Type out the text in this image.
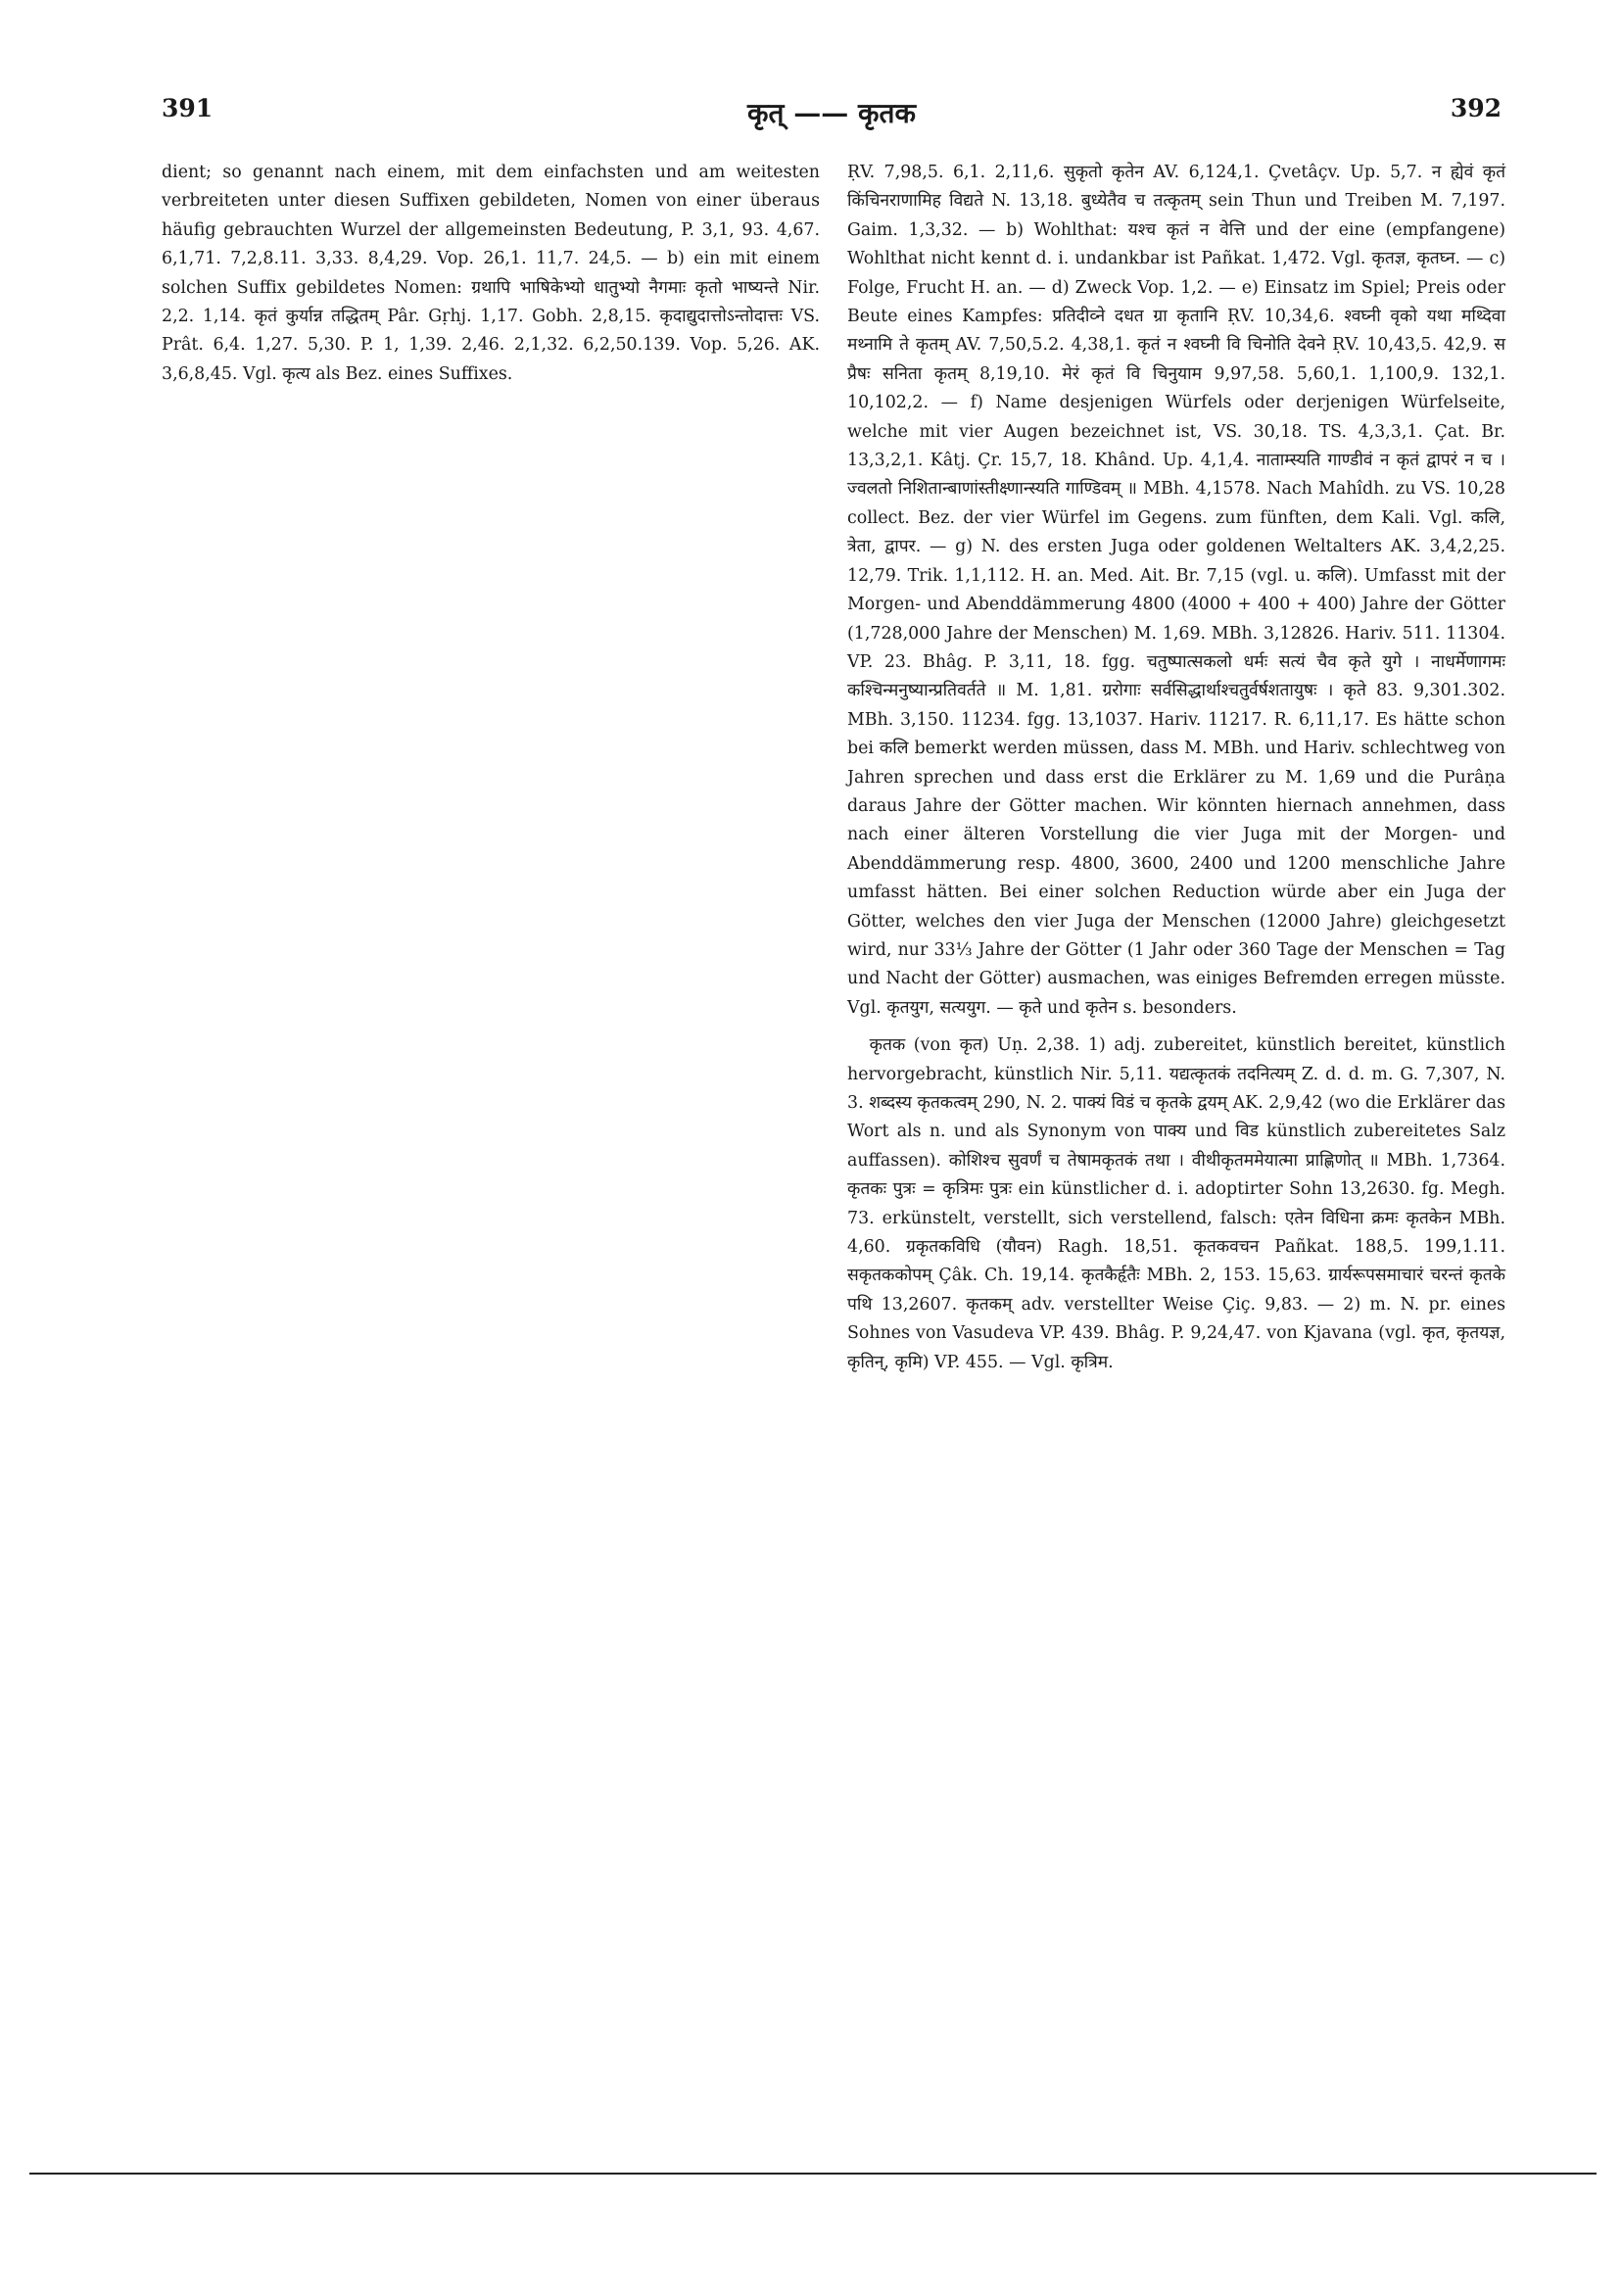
391	कृत् —— कृतक	392

dient; so genannt nach einem, mit dem einfachsten und am weitesten verbreiteten unter diesen Suffixen gebildeten, Nomen von einer überaus häufig gebrauchten Wurzel der allgemeinsten Bedeutung, P. 3,1, 93. 4,67. 6,1,71. 7,2,8.11. 3,33. 8,4,29. Vop. 26,1. 11,7. 24,5. — b) ein mit einem solchen Suffix gebildetes Nomen: ग्रथापि भाषिकेभ्यो धातुभ्यो नैगमाः कृतो भाष्यन्ते Nir. 2,2. 1,14. कृतं कुर्यान्न तद्धितम् Pâr. Gṛhj. 1,17. Gobh. 2,8,15. कृदाद्युदात्तोऽन्तोदात्तः VS. Prât. 6,4. 1,27. 5,30. P. 1, 1,39. 2,46. 2,1,32. 6,2,50.139. Vop. 5,26. AK. 3,6,8,45. Vgl. कृत्य als Bez. eines Suffixes.

ṚV. 7,98,5. 6,1. 2,11,6. सुकृतो कृतेन AV. 6,124,1. Çvetâçv. Up. 5,7. न ह्येवं कृतं किंचिनराणामिह विद्यते N. 13,18. बुध्येतैव च तत्कृतम् sein Thun und Treiben M. 7,197. Gaim. 1,3,32. — b) Wohlthat: यश्च कृतं न वेत्ति und der eine (empfangene) Wohlthat nicht kennt d. i. undankbar ist Pañkat. 1,472. Vgl. कृतज्ञ, कृतघ्न. — c) Folge, Frucht H. an. — d) Zweck Vop. 1,2. — e) Einsatz im Spiel; Preis oder Beute eines Kampfes: प्रतिदीव्ने दधत ग्रा कृतानि ṚV. 10,34,6. श्वघ्नी वृको यथा मथ्दिवा मथ्नामि ते कृतम् AV. 7,50,5.2. 4,38,1. कृतं न श्वघ्नी वि चिनोति देवने ṚV. 10,43,5. 42,9. स प्रैषः सनिता कृतम् 8,19,10. मेरं कृतं वि चिनुयाम 9,97,58. 5,60,1. 1,100,9. 132,1. 10,102,2. — f) Name desjenigen Würfels oder derjenigen Würfelseite, welche mit vier Augen bezeichnet ist, VS. 30,18. TS. 4,3,3,1. Çat. Br. 13,3,2,1. Kâtj. Çr. 15,7, 18. Khând. Up. 4,1,4. नाताम्स्यति गाण्डीवं न कृतं द्वापरं न च । ज्वलतो निशितान्बाणांस्तीक्ष्णान्स्यति गाण्डिवम् ॥ MBh. 4,1578. Nach Mahîdh. zu VS. 10,28 collect. Bez. der vier Würfel im Gegens. zum fünften, dem Kali. Vgl. कलि, त्रेता, द्वापर. — g) N. des ersten Juga oder goldenen Weltalters AK. 3,4,2,25. 12,79. Trik. 1,1,112. H. an. Med. Ait. Br. 7,15 (vgl. u. कलि). Umfasst mit der Morgen- und Abenddämmerung 4800 (4000 + 400 + 400) Jahre der Götter (1,728,000 Jahre der Menschen) M. 1,69. MBh. 3,12826. Hariv. 511. 11304. VP. 23. Bhâg. P. 3,11, 18. fgg. चतुष्पात्सकलो धर्मः सत्यं चैव कृते युगे । नाधर्मेणागमः कश्चिन्मनुष्यान्प्रतिवर्तते ॥ M. 1,81. ग्ररोगाः सर्वसिद्धार्थाश्चतुर्वर्षशतायुषः । कृते 83. 9,301.302. MBh. 3,150. 11234. fgg. 13,1037. Hariv. 11217. R. 6,11,17. Es hätte schon bei कलि bemerkt werden müssen, dass M. MBh. und Hariv. schlechtweg von Jahren sprechen und dass erst die Erklärer zu M. 1,69 und die Purâṇa daraus Jahre der Götter machen. Wir könnten hiernach annehmen, dass nach einer älteren Vorstellung die vier Juga mit der Morgen- und Abenddämmerung resp. 4800, 3600, 2400 und 1200 menschliche Jahre umfasst hätten. Bei einer solchen Reduction würde aber ein Juga der Götter, welches den vier Juga der Menschen (12000 Jahre) gleichgesetzt wird, nur 33⅓ Jahre der Götter (1 Jahr oder 360 Tage der Menschen = Tag und Nacht der Götter) ausmachen, was einiges Befremden erregen müsste. Vgl. कृतयुग, सत्ययुग. — कृते und कृतेन s. besonders.

कृतक (von कृत) Uṇ. 2,38. 1) adj. zubereitet, künstlich bereitet, künstlich hervorgebracht, künstlich Nir. 5,11. यद्यत्कृतकं तदनित्यम् Z. d. d. m. G. 7,307, N. 3. शब्दस्य कृतकत्वम् 290, N. 2. पाक्यं विडं च कृतके द्वयम् AK. 2,9,42 (wo die Erklärer das Wort als n. und als Synonym von पाक्य und विड künstlich zubereitetes Salz auffassen). कोशिश्च सुवर्णं च तेषामकृतकं तथा । वीथीकृतममेयात्मा प्राह्णिणोत् ॥ MBh. 1,7364. कृतकः पुत्रः = कृत्रिमः पुत्रः ein künstlicher d. i. adoptirter Sohn 13,2630. fg. Megh. 73. erkünstelt, verstellt, sich verstellend, falsch: एतेन विधिना क्रमः कृतकेन MBh. 4,60. ग्रकृतकविधि (यौवन) Ragh. 18,51. कृतकवचन Pañkat. 188,5. 199,1.11. सकृतककोपम् Çâk. Ch. 19,14. कृतकैर्हृतैः MBh. 2, 153. 15,63. ग्रार्यरूपसमाचारं चरन्तं कृतके पथि 13,2607. कृतकम् adv. verstellter Weise Çiç. 9,83. — 2) m. N. pr. eines Sohnes von Vasudeva VP. 439. Bhâg. P. 9,24,47. von Kjavana (vgl. कृत, कृतयज्ञ, कृतिन्, कृमि) VP. 455. — Vgl. कृत्रिम.
